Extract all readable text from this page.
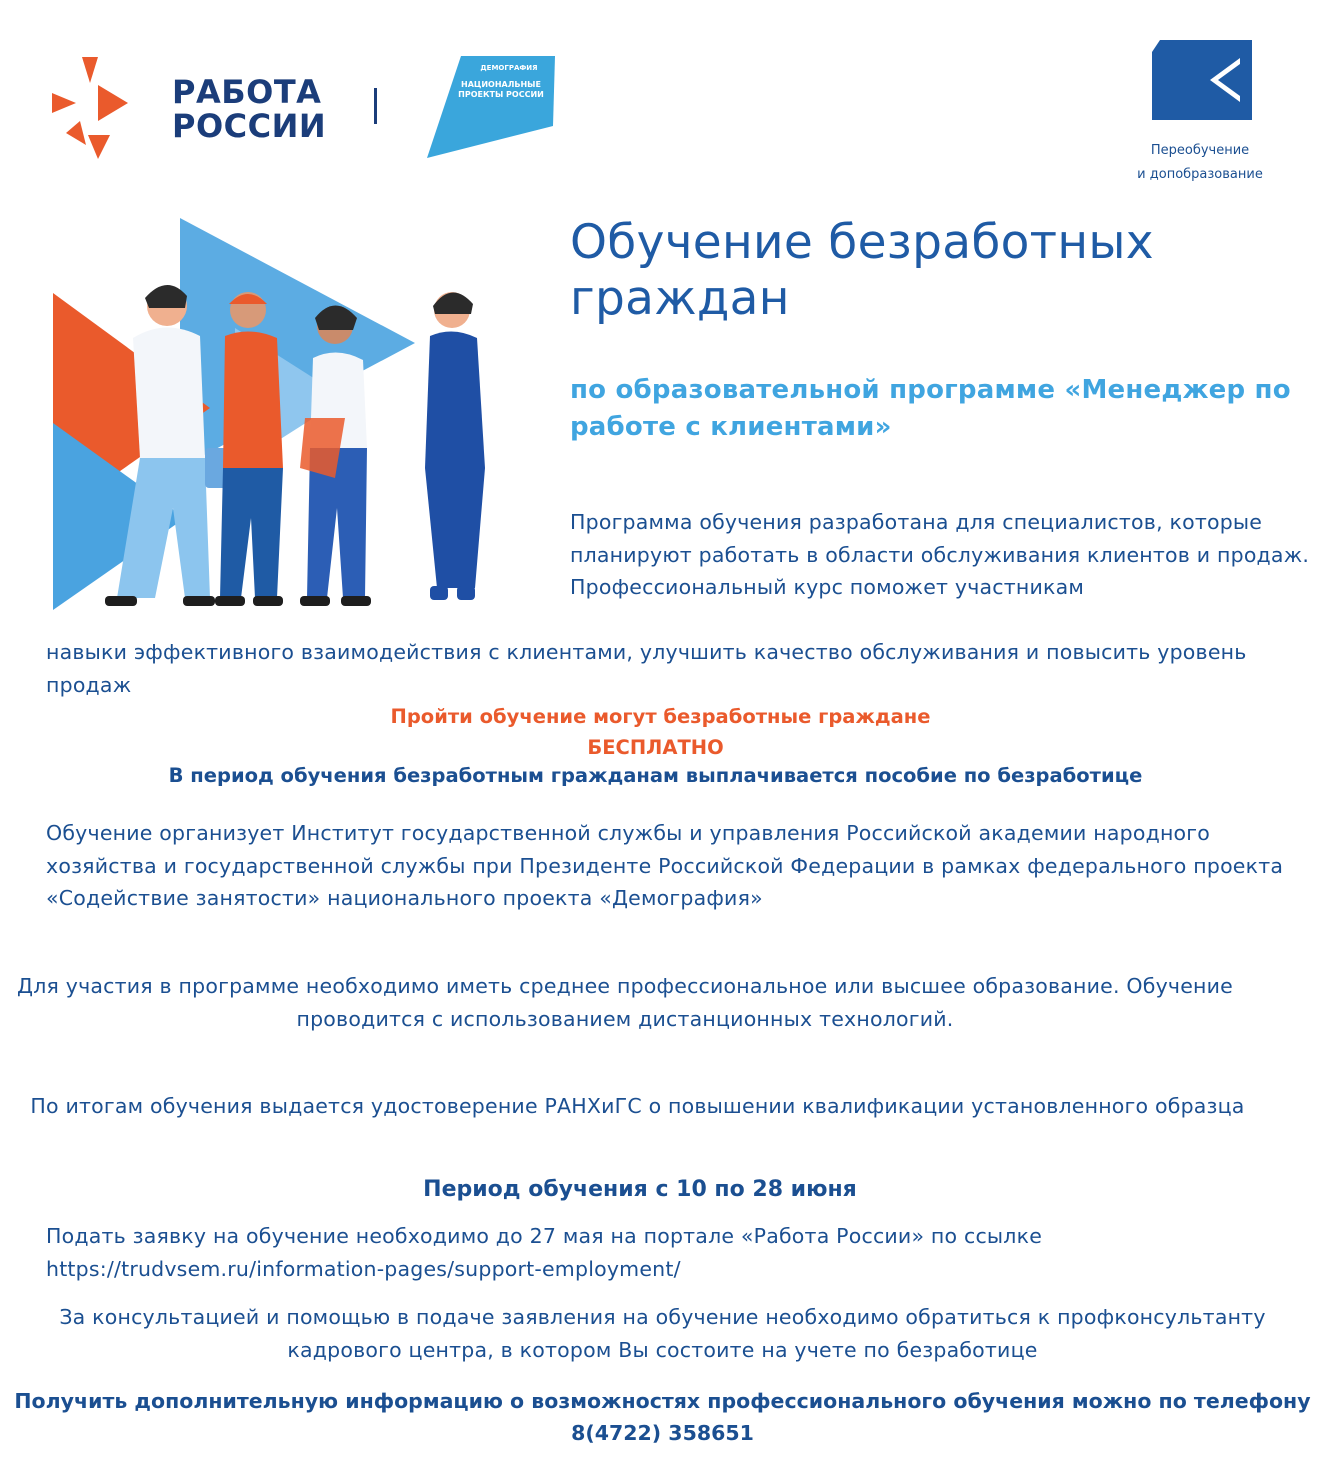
РАБОТА
РОССИИ
ДЕМОГРАФИЯ
НАЦИОНАЛЬНЫЕ ПРОЕКТЫ РОССИИ
Переобучение
и допобразование
Обучение безработных граждан
по образовательной программе «Менеджер по работе с клиентами»
Программа обучения разработана для специалистов, которые планируют работать в области обслуживания клиентов и продаж. Профессиональный курс поможет участникам
навыки эффективного взаимодействия с клиентами, улучшить качество обслуживания и повысить уровень продаж
Пройти обучение могут безработные граждане
БЕСПЛАТНО
В период обучения безработным гражданам выплачивается пособие по безработице
Обучение организует Институт государственной службы и управления Российской академии народного хозяйства и государственной службы при Президенте Российской Федерации в рамках федерального проекта «Содействие занятости» национального проекта «Демография»
Для участия в программе необходимо иметь среднее профессиональное или высшее образование. Обучение проводится с использованием дистанционных технологий.
По итогам обучения выдается удостоверение РАНХиГС о повышении квалификации установленного образца
Период обучения с 10 по 28 июня
Подать заявку на обучение необходимо до 27 мая на портале «Работа России» по ссылке https://trudvsem.ru/information-pages/support-employment/
За консультацией и помощью в подаче заявления на обучение необходимо обратиться к профконсультанту кадрового центра, в котором Вы состоите на учете по безработице
Получить дополнительную информацию о возможностях профессионального обучения можно по телефону 8(4722) 358651
